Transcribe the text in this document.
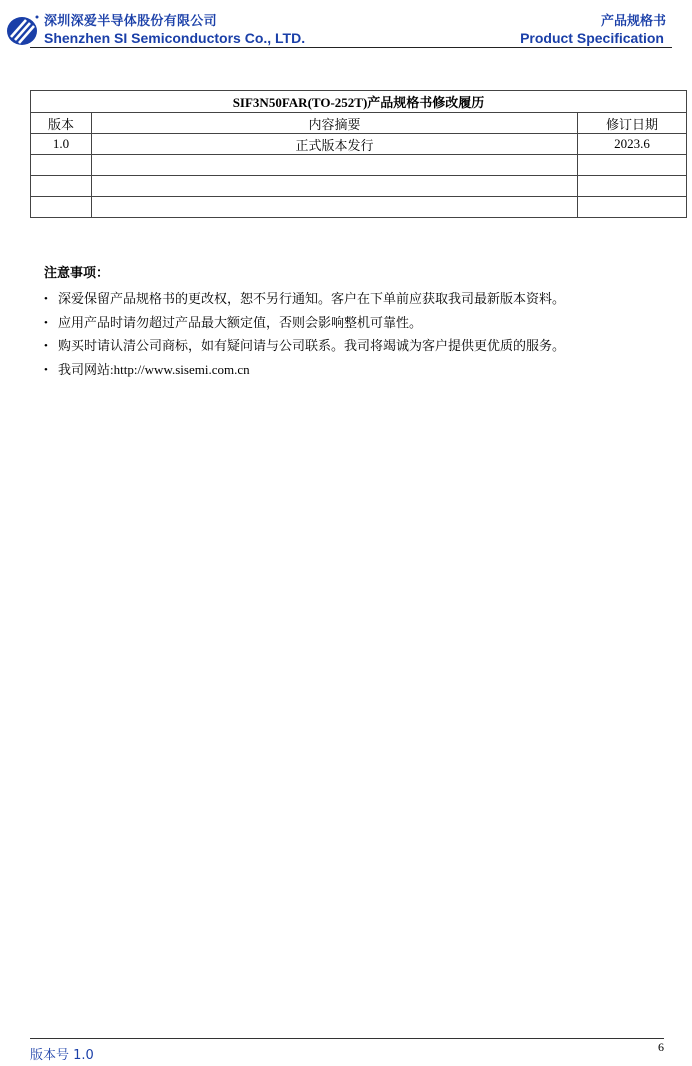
深圳深爱半导体股份有限公司
Shenzhen SI Semiconductors Co., LTD.
产品规格书
Product Specification
SIF3N50FAR(TO-252T)产品规格书修改履历		
版本	内容摘要	修订日期
1.0	正式版本发行	2023.6

注意事项：
• 深爱保留产品规格书的更改权，恕不另行通知。客户在下单前应获取我司最新版本资料。
• 应用产品时请勿超过产品最大额定值，否则会影响整机可靠性。
• 购买时请认清公司商标，如有疑问请与公司联系。我司将竭诚为客户提供更优质的服务。
• 我司网站:http://www.sisemi.com.cn
版本号 1.0
6
